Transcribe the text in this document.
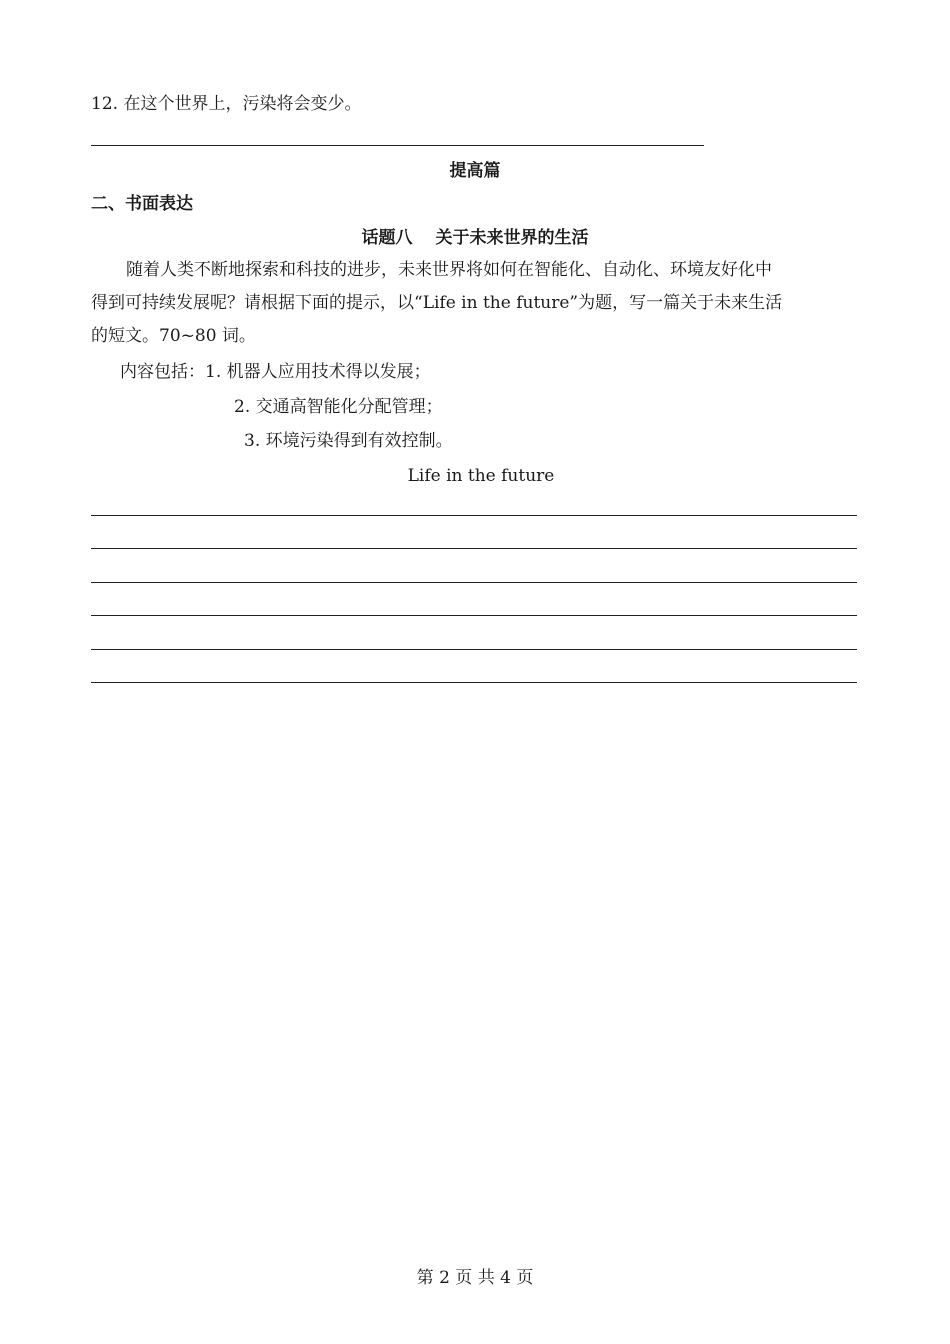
12. 在这个世界上，污染将会变少。
提高篇
二、书面表达
话题八　 关于未来世界的生活
随着人类不断地探索和科技的进步，未来世界将如何在智能化、自动化、环境友好化中
得到可持续发展呢？请根据下面的提示，以“Life in the future”为题，写一篇关于未来生活
的短文。70~80 词。
内容包括：1. 机器人应用技术得以发展；
2. 交通高智能化分配管理；
3. 环境污染得到有效控制。
Life in the future
第 2 页 共 4 页
